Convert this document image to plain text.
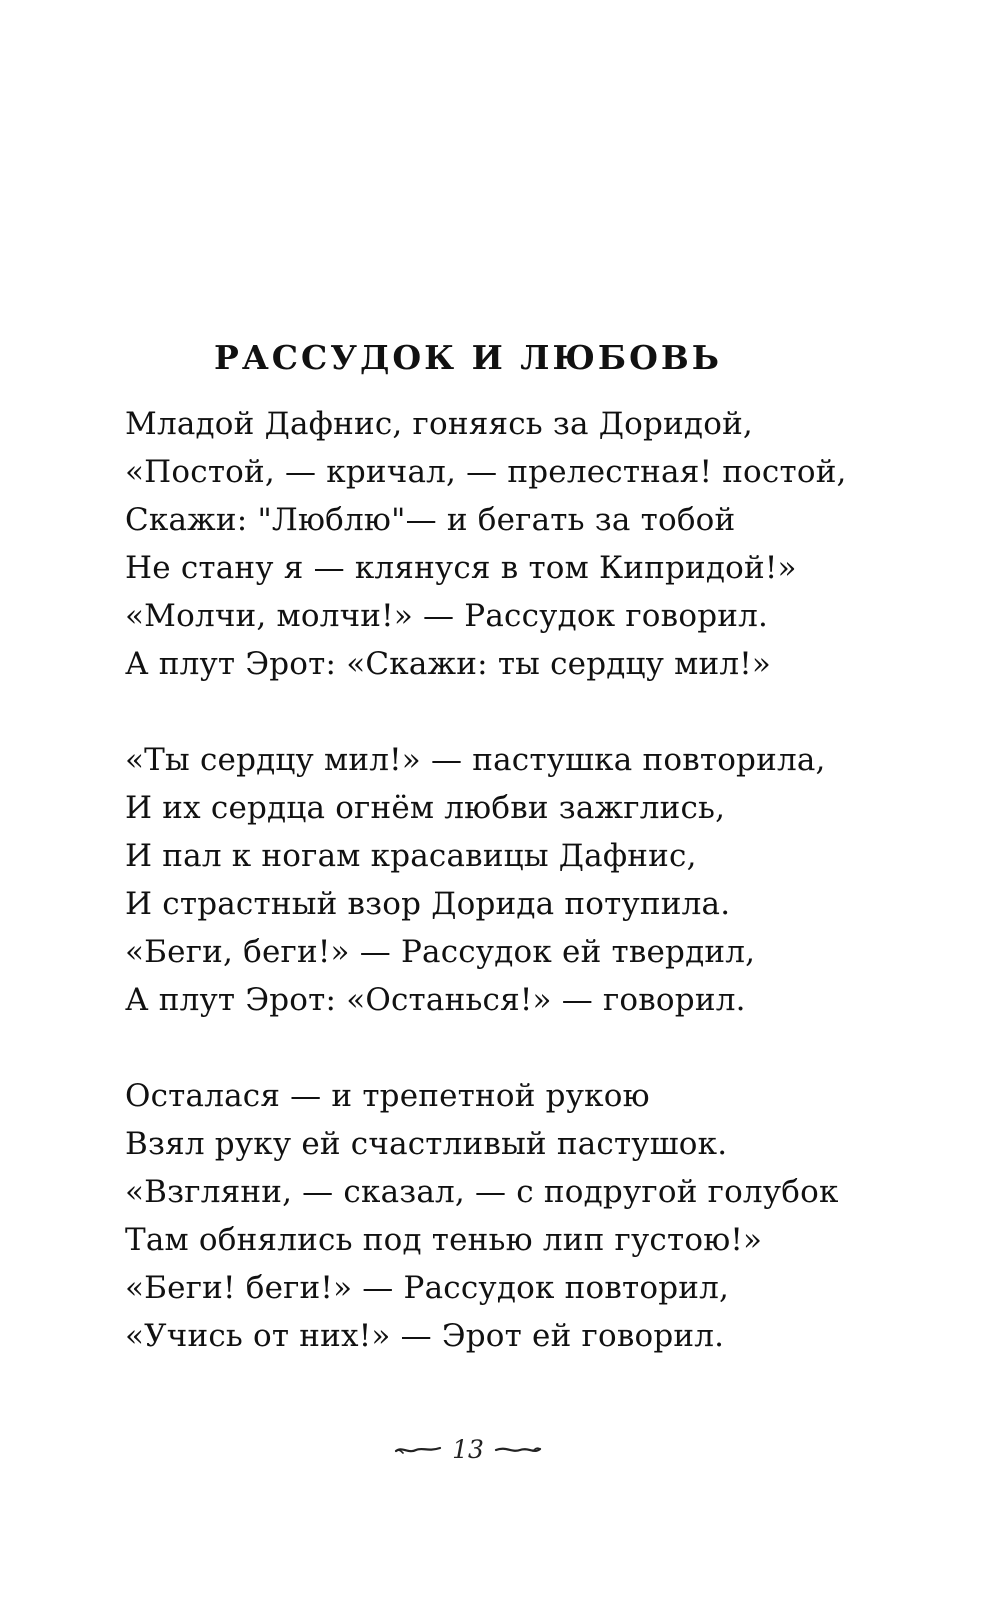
РАССУДОК И ЛЮБОВЬ
Младой Дафнис, гоняясь за Доридой,
«Постой, — кричал, — прелестная! постой,
Скажи: "Люблю"— и бегать за тобой
Не стану я — клянуся в том Кипридой!»
«Молчи, молчи!» — Рассудок говорил.
А плут Эрот: «Скажи: ты сердцу мил!»
«Ты сердцу мил!» — пастушка повторила,
И их сердца огнём любви зажглись,
И пал к ногам красавицы Дафнис,
И страстный взор Дорида потупила.
«Беги, беги!» — Рассудок ей твердил,
А плут Эрот: «Останься!» — говорил.
Осталася — и трепетной рукою
Взял руку ей счастливый пастушок.
«Взгляни, — сказал, — с подругой голубок
Там обнялись под тенью лип густою!»
«Беги! беги!» — Рассудок повторил,
«Учись от них!» — Эрот ей говорил.
13
